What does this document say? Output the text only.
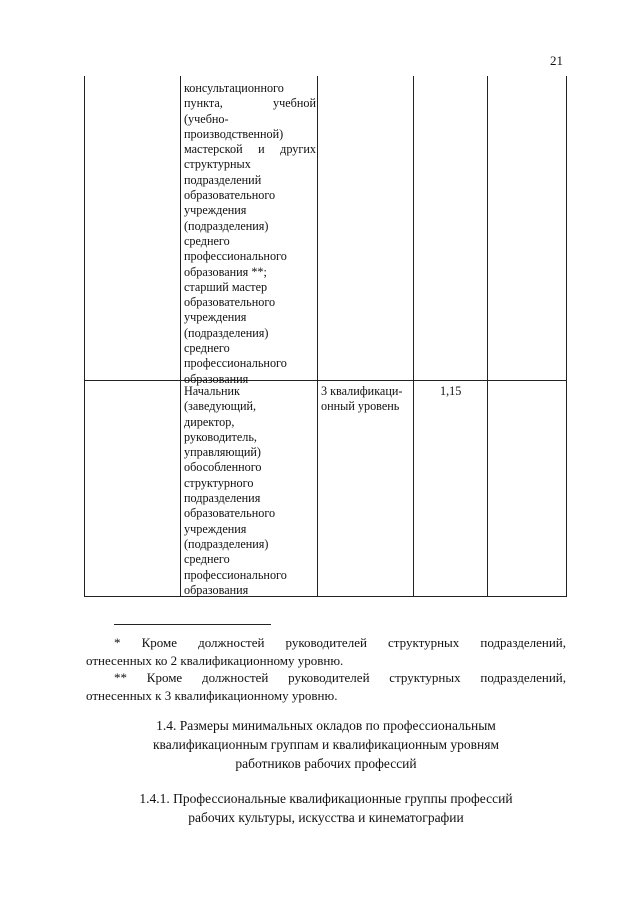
21
консультационного
пункта, учебной
(учебно-
производственной)
мастерской и других
структурных
подразделений
образовательного
учреждения
(подразделения)
среднего
профессионального
образования **;
старший мастер
образовательного
учреждения
(подразделения)
среднего
профессионального
образования
Начальник
(заведующий,
директор,
руководитель,
управляющий)
обособленного
структурного
подразделения
образовательного
учреждения
(подразделения)
среднего
профессионального
образования
3 квалификаци-
онный уровень
1,15
* Кроме должностей руководителей структурных подразделений,
отнесенных ко 2 квалификационному уровню.
** Кроме должностей руководителей структурных подразделений,
отнесенных к 3 квалификационному уровню.
1.4. Размеры минимальных окладов по профессиональным
квалификационным группам и квалификационным уровням
работников рабочих профессий
1.4.1. Профессиональные квалификационные группы профессий
рабочих культуры, искусства и кинематографии
